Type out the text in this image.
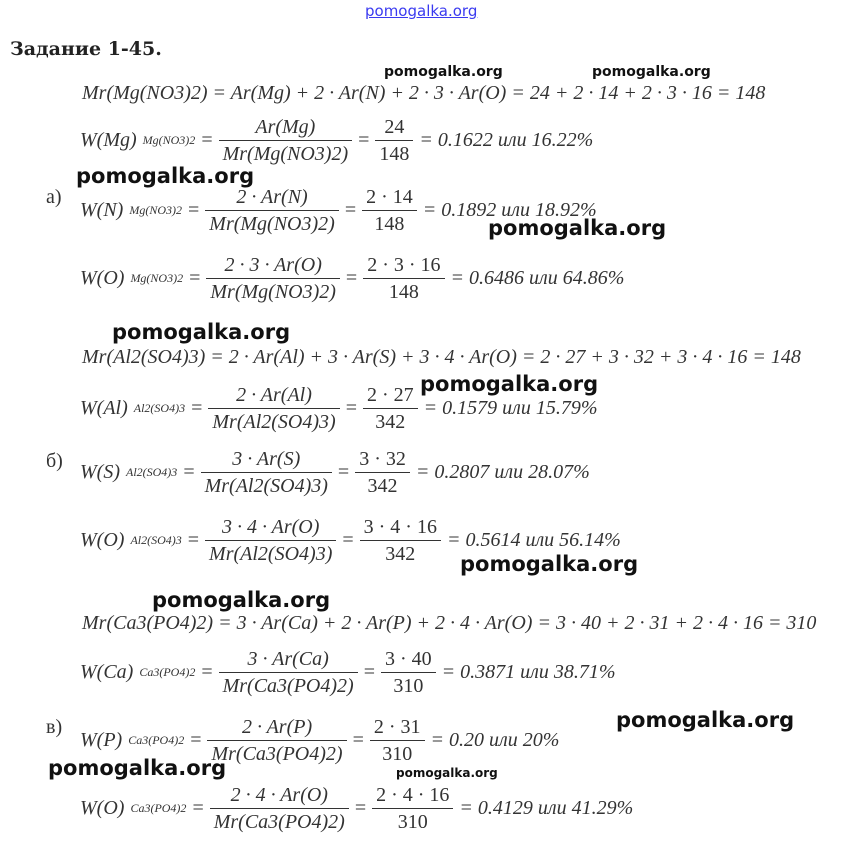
pomogalka.org
Задание 1-45.
а)
Mr(Mg(NO3)2) = Ar(Mg) + 2 · Ar(N) + 2 · 3 · Ar(O) = 24 + 2 · 14 + 2 · 3 · 16 = 148
W(Mg) $Mg(NO3)2 = \frac{Ar(Mg)}{Mr(Mg(NO3)2)} = \frac{24}{148} = 0.1622$ или 16.22%
W(N) $Mg(NO3)2 = \frac{2 \cdot Ar(N)}{Mr(Mg(NO3)2)} = \frac{2 \cdot 14}{148} = 0.1892$ или 18.92%
W(O) $Mg(NO3)2 = \frac{2 \cdot 3 \cdot Ar(O)}{Mr(Mg(NO3)2)} = \frac{2 \cdot 3 \cdot 16}{148} = 0.6486$ или 64.86%
б)
Mr(Al2(SO4)3) = 2 · Ar(Al) + 3 · Ar(S) + 3 · 4 · Ar(O) = 2 · 27 + 3 · 32 + 3 · 4 · 16 = 148
W(Al) $Al2(SO4)3 = \frac{2 \cdot Ar(Al)}{Mr(Al2(SO4)3)} = \frac{2 \cdot 27}{342} = 0.1579$ или 15.79%
W(S) $Al2(SO4)3 = \frac{3 \cdot Ar(S)}{Mr(Al2(SO4)3)} = \frac{3 \cdot 32}{342} = 0.2807$ или 28.07%
W(O) $Al2(SO4)3 = \frac{3 \cdot 4 \cdot Ar(O)}{Mr(Al2(SO4)3)} = \frac{3 \cdot 4 \cdot 16}{342} = 0.5614$ или 56.14%
в)
Mr(Ca3(PO4)2) = 3 · Ar(Ca) + 2 · Ar(P) + 2 · 4 · Ar(O) = 3 · 40 + 2 · 31 + 2 · 4 · 16 = 310
W(Ca) $Ca3(PO4)2 = \frac{3 \cdot Ar(Ca)}{Mr(Ca3(PO4)2)} = \frac{3 \cdot 40}{310} = 0.3871$ или 38.71%
W(P) $Ca3(PO4)2 = \frac{2 \cdot Ar(P)}{Mr(Ca3(PO4)2)} = \frac{2 \cdot 31}{310} = 0.20$ или 20%
W(O) $Ca3(PO4)2 = \frac{2 \cdot 4 \cdot Ar(O)}{Mr(Ca3(PO4)2)} = \frac{2 \cdot 4 \cdot 16}{310} = 0.4129$ или 41.29%
pomogalka.org	pomogalka.org
pomogalka.org
pomogalka.org
pomogalka.org
pomogalka.org
pomogalka.org
pomogalka.org
pomogalka.org
pomogalka.org	pomogalka.org
